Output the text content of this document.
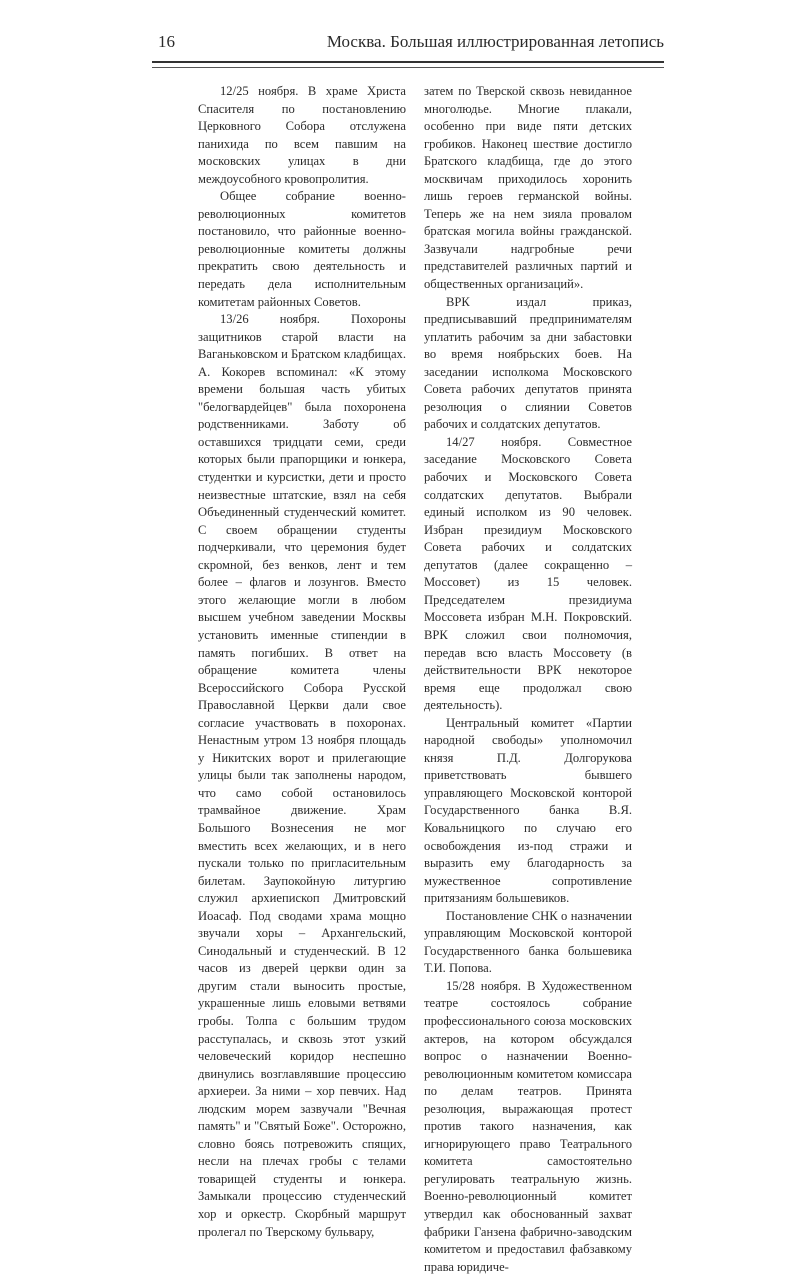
16	Москва. Большая иллюстрированная летопись

12/25 ноября. В храме Христа Спасителя по постановлению Церковного Собора отслужена панихида по всем павшим на московских улицах в дни междоусобного кровопролития.

Общее собрание военно-революционных комитетов постановило, что районные военно-революционные комитеты должны прекратить свою деятельность и передать дела исполнительным комитетам районных Советов.

13/26 ноября. Похороны защитников старой власти на Ваганьковском и Братском кладбищах. А. Кокорев вспоминал: «К этому времени большая часть убитых "белогвардейцев" была похоронена родственниками. Заботу об оставшихся тридцати семи, среди которых были прапорщики и юнкера, студентки и курсистки, дети и просто неизвестные штатские, взял на себя Объединенный студенческий комитет. С своем обращении студенты подчеркивали, что церемония будет скромной, без венков, лент и тем более – флагов и лозунгов. Вместо этого желающие могли в любом высшем учебном заведении Москвы установить именные стипендии в память погибших. В ответ на обращение комитета члены Всероссийского Собора Русской Православной Церкви дали свое согласие участвовать в похоронах. Ненастным утром 13 ноября площадь у Никитских ворот и прилегающие улицы были так заполнены народом, что само собой остановилось трамвайное движение. Храм Большого Вознесения не мог вместить всех желающих, и в него пускали только по пригласительным билетам. Заупокойную литургию служил архиепископ Дмитровский Иоасаф. Под сводами храма мощно звучали хоры – Архангельский, Синодальный и студенческий. В 12 часов из дверей церкви один за другим стали выносить простые, украшенные лишь еловыми ветвями гробы. Толпа с большим трудом расступалась, и сквозь этот узкий человеческий коридор неспешно двинулись возглавлявшие процессию архиереи. За ними – хор певчих. Над людским морем зазвучали "Вечная память" и "Святый Боже". Осторожно, словно боясь потревожить спящих, несли на плечах гробы с телами товарищей студенты и юнкера. Замыкали процессию студенческий хор и оркестр. Скорбный маршрут пролегал по Тверскому бульвару,

затем по Тверской сквозь невиданное многолюдье. Многие плакали, особенно при виде пяти детских гробиков. Наконец шествие достигло Братского кладбища, где до этого москвичам приходилось хоронить лишь героев германской войны. Теперь же на нем зияла провалом братская могила войны гражданской. Зазвучали надгробные речи представителей различных партий и общественных организаций».

ВРК издал приказ, предписывавший предпринимателям уплатить рабочим за дни забастовки во время ноябрьских боев. На заседании исполкома Московского Совета рабочих депутатов принята резолюция о слиянии Советов рабочих и солдатских депутатов.

14/27 ноября. Совместное заседание Московского Совета рабочих и Московского Совета солдатских депутатов. Выбрали единый исполком из 90 человек. Избран президиум Московского Совета рабочих и солдатских депутатов (далее сокращенно – Моссовет) из 15 человек. Председателем президиума Моссовета избран М.Н. Покровский. ВРК сложил свои полномочия, передав всю власть Моссовету (в действительности ВРК некоторое время еще продолжал свою деятельность).

Центральный комитет «Партии народной свободы» уполномочил князя П.Д. Долгорукова приветствовать бывшего управляющего Московской конторой Государственного банка В.Я. Ковальницкого по случаю его освобождения из-под стражи и выразить ему благодарность за мужественное сопротивление притязаниям большевиков.

Постановление СНК о назначении управляющим Московской конторой Государственного банка большевика Т.И. Попова.

15/28 ноября. В Художественном театре состоялось собрание профессионального союза московских актеров, на котором обсуждался вопрос о назначении Военно-революционным комитетом комиссара по делам театров. Принята резолюция, выражающая протест против такого назначения, как игнорирующего право Театрального комитета самостоятельно регулировать театральную жизнь. Военно-революционный комитет утвердил как обоснованный захват фабрики Ганзена фабрично-заводским комитетом и предоставил фабзавкому права юридиче-
